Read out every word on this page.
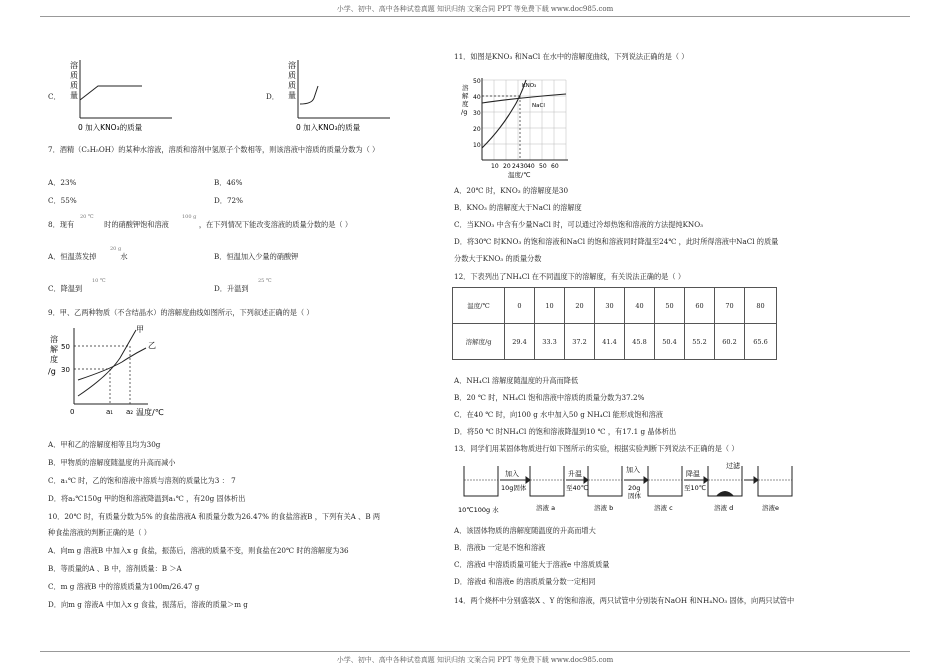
小学、初中、高中各种试卷真题 知识归纳 文案合同 PPT 等免费下载 www.doc985.com
小学、初中、高中各种试卷真题 知识归纳 文案合同 PPT 等免费下载 www.doc985.com
C．
溶
质
质
量
0 加入KNO₃的质量
D．
溶
质
质
量
0 加入KNO₃的质量
7．酒精（C₂H₅OH）的某种水溶液，溶质和溶剂中氢原子个数相等，则该溶液中溶质的质量分数为（ ）
A．23%	B．46%
C．55%	D．72%
8．现有	时的硝酸钾饱和溶液	，在下列情况下能改变溶液的质量分数的是（ ）
20 ℃	100 g
A．恒温蒸发掉	水
20 g
B．恒温加入少量的硝酸钾
C．降温到
10 ℃
D．升温到
25 ℃
9．甲、乙两种物质（不含结晶水）的溶解度曲线如图所示，下列叙述正确的是（ ）
溶
解
度
/g
50
30
0
甲
乙
a₁ a₂ 温度/℃
A．甲和乙的溶解度相等且均为30g
B．甲物质的溶解度随温度的升高而减小
C．a₁℃ 时，乙的饱和溶液中溶质与溶剂的质量比为3 ： 7
D．将a₂℃150g 甲的饱和溶液降温到a₁℃ ，有20g 固体析出
10．20℃ 时，有质量分数为5% 的食盐溶液A 和质量分数为26.47% 的食盐溶液B ，下列有关A 、B 两
种食盐溶液的判断正确的是（ ）
A．向m g 溶液B 中加入x g 食盐，振荡后，溶液的质量不变，则食盐在20℃ 时的溶解度为36
B．等质量的A 、B 中，溶剂质量：B ＞A
C．m g 溶液B 中的溶质质量为100m/26.47 g
D．向m g 溶液A 中加入x g 食盐，振荡后，溶液的质量＞m g
11．如图是KNO₃ 和NaCl 在水中的溶解度曲线，下列说法正确的是（ ）
溶
解
度
/g
50
40
30
20
10
KNO₃
NaCl
10 20 24 30 40 50 60
温度/℃
A．20℃ 时，KNO₃ 的溶解度是30
B．KNO₃ 的溶解度大于NaCl 的溶解度
C．当KNO₃ 中含有少量NaCl 时，可以通过冷却热饱和溶液的方法提纯KNO₃
D．将30℃ 时KNO₃ 的饱和溶液和NaCl 的饱和溶液同时降温至24℃ ，此时所得溶液中NaCl 的质量
分数大于KNO₃ 的质量分数
12．下表列出了NH₄Cl 在不同温度下的溶解度，有关说法正确的是（ ）
温度/℃	0	10	20	30	40	50	60	70	80
溶解度/g	29.4	33.3	37.2	41.4	45.8	50.4	55.2	60.2	65.6
A．NH₄Cl 溶解度随温度的升高而降低
B．20 ℃ 时，NH₄Cl 饱和溶液中溶质的质量分数为37.2%
C．在40 ℃ 时，向100 g 水中加入50 g NH₄Cl 能形成饱和溶液
D．将50 ℃ 时NH₄Cl 的饱和溶液降温到10 ℃ ，有17.1 g 晶体析出
13．同学们用某固体物质进行如下图所示的实验，根据实验判断下列说法不正确的是（ ）
加入
10g固体
升温
至40℃
加入
20g
固体
降温
至10℃
过滤
10℃100g 水	溶液 a	溶液 b	溶液 c	溶液 d	溶液e
A．该固体物质的溶解度随温度的升高而增大
B．溶液b 一定是不饱和溶液
C．溶液d 中溶质质量可能大于溶液e 中溶质质量
D．溶液d 和溶液e 的溶质质量分数一定相同
14．两个烧杯中分别盛装X 、Y 的饱和溶液，两只试管中分别装有NaOH 和NH₄NO₃ 固体，向两只试管中
